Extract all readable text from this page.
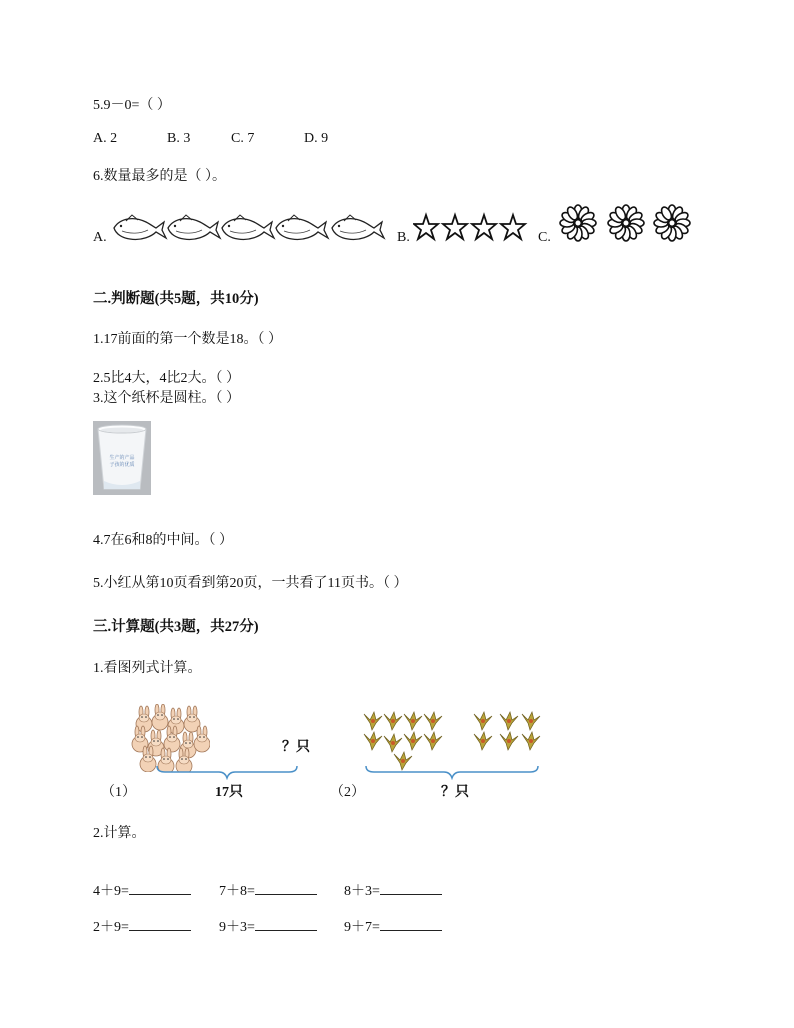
5.9－0=（ ）
A. 2	B. 3	C. 7	D. 9
6.数量最多的是（ ）。
A.	B.	C.
二.判断题(共5题，共10分)
1.17前面的第一个数是18。（ ）
2.5比4大，4比2大。（ ）
3.这个纸杯是圆柱。（ ）
生产的产品
子孩的优质
4.7在6和8的中间。（ ）
5.小红从第10页看到第20页，一共看了11页书。（ ）
三.计算题(共3题，共27分)
1.看图列式计算。
？只
（1）	17只	（2）	？只
2.计算。
4＋9=	7＋8=	8＋3=
2＋9=	9＋3=	9＋7=
